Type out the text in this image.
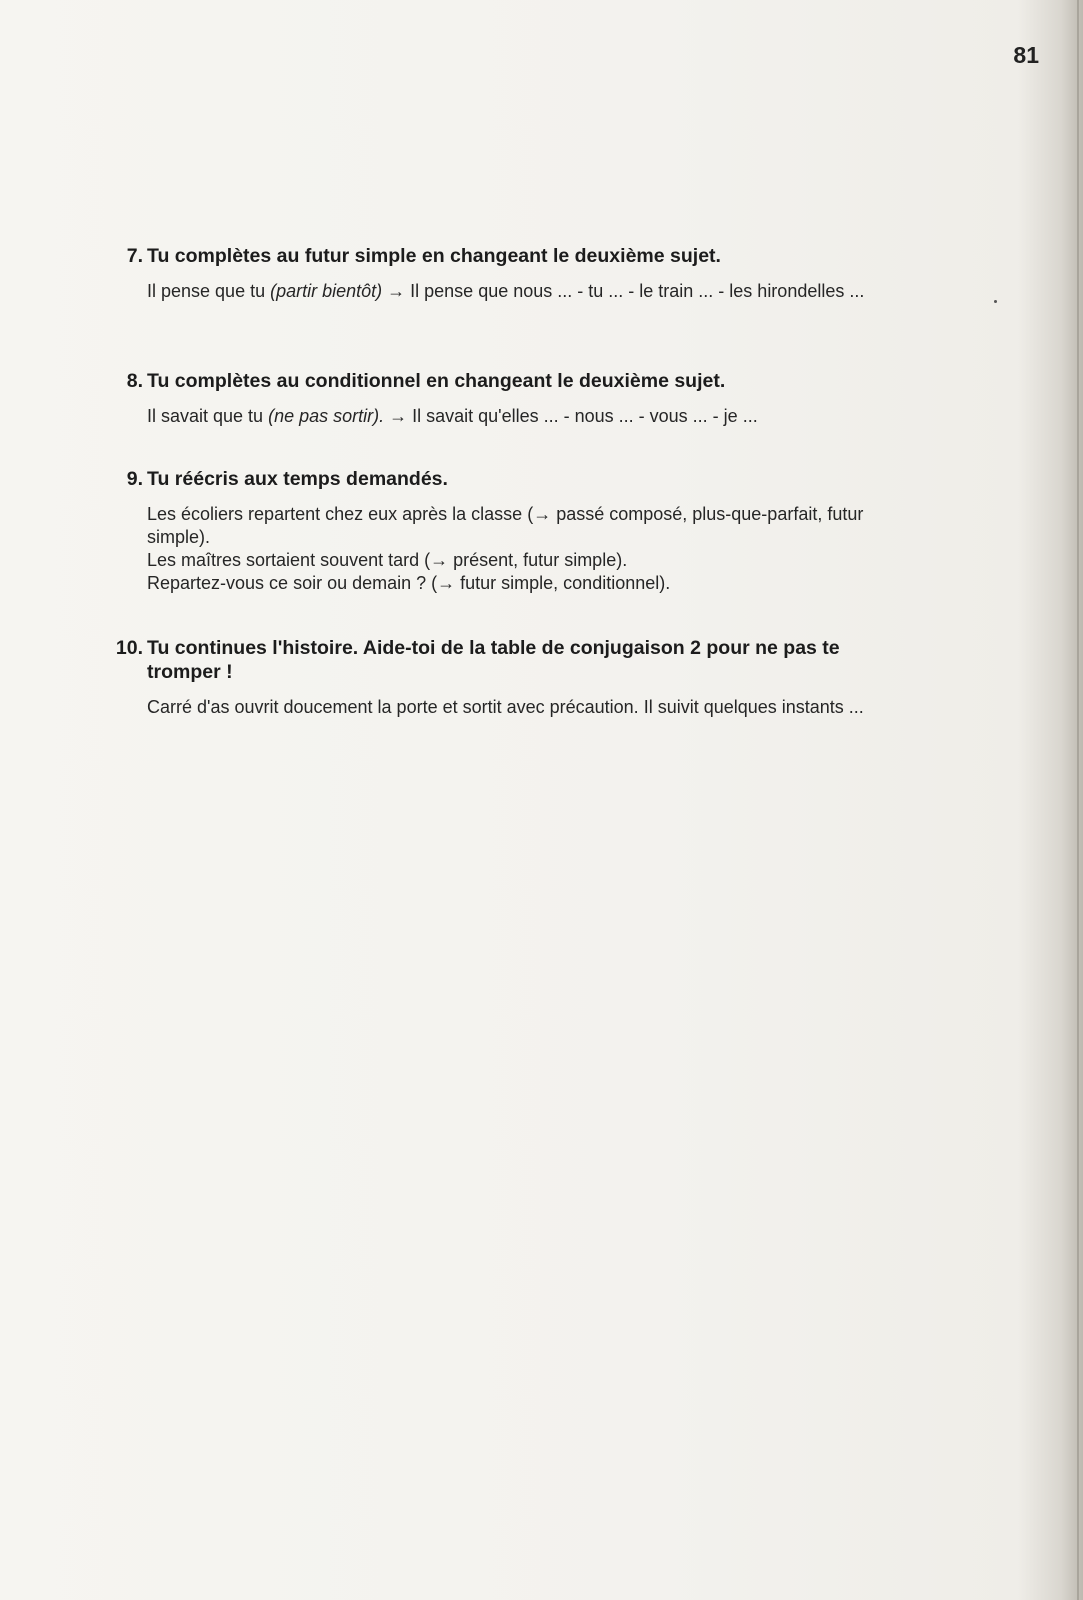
81
7. Tu complètes au futur simple en changeant le deuxième sujet.

Il pense que tu (partir bientôt) → Il pense que nous ... - tu ... - le train ... - les hirondelles ...

8. Tu complètes au conditionnel en changeant le deuxième sujet.

Il savait que tu (ne pas sortir). → Il savait qu'elles ... - nous ... - vous ... - je ...

9. Tu réécris aux temps demandés.

Les écoliers repartent chez eux après la classe (→ passé composé, plus-que-parfait, futur simple).

Les maîtres sortaient souvent tard (→ présent, futur simple).

Repartez-vous ce soir ou demain ? (→ futur simple, conditionnel).

10. Tu continues l'histoire. Aide-toi de la table de conjugaison 2 pour ne pas te tromper !

Carré d'as ouvrit doucement la porte et sortit avec précaution. Il suivit quelques instants ...
